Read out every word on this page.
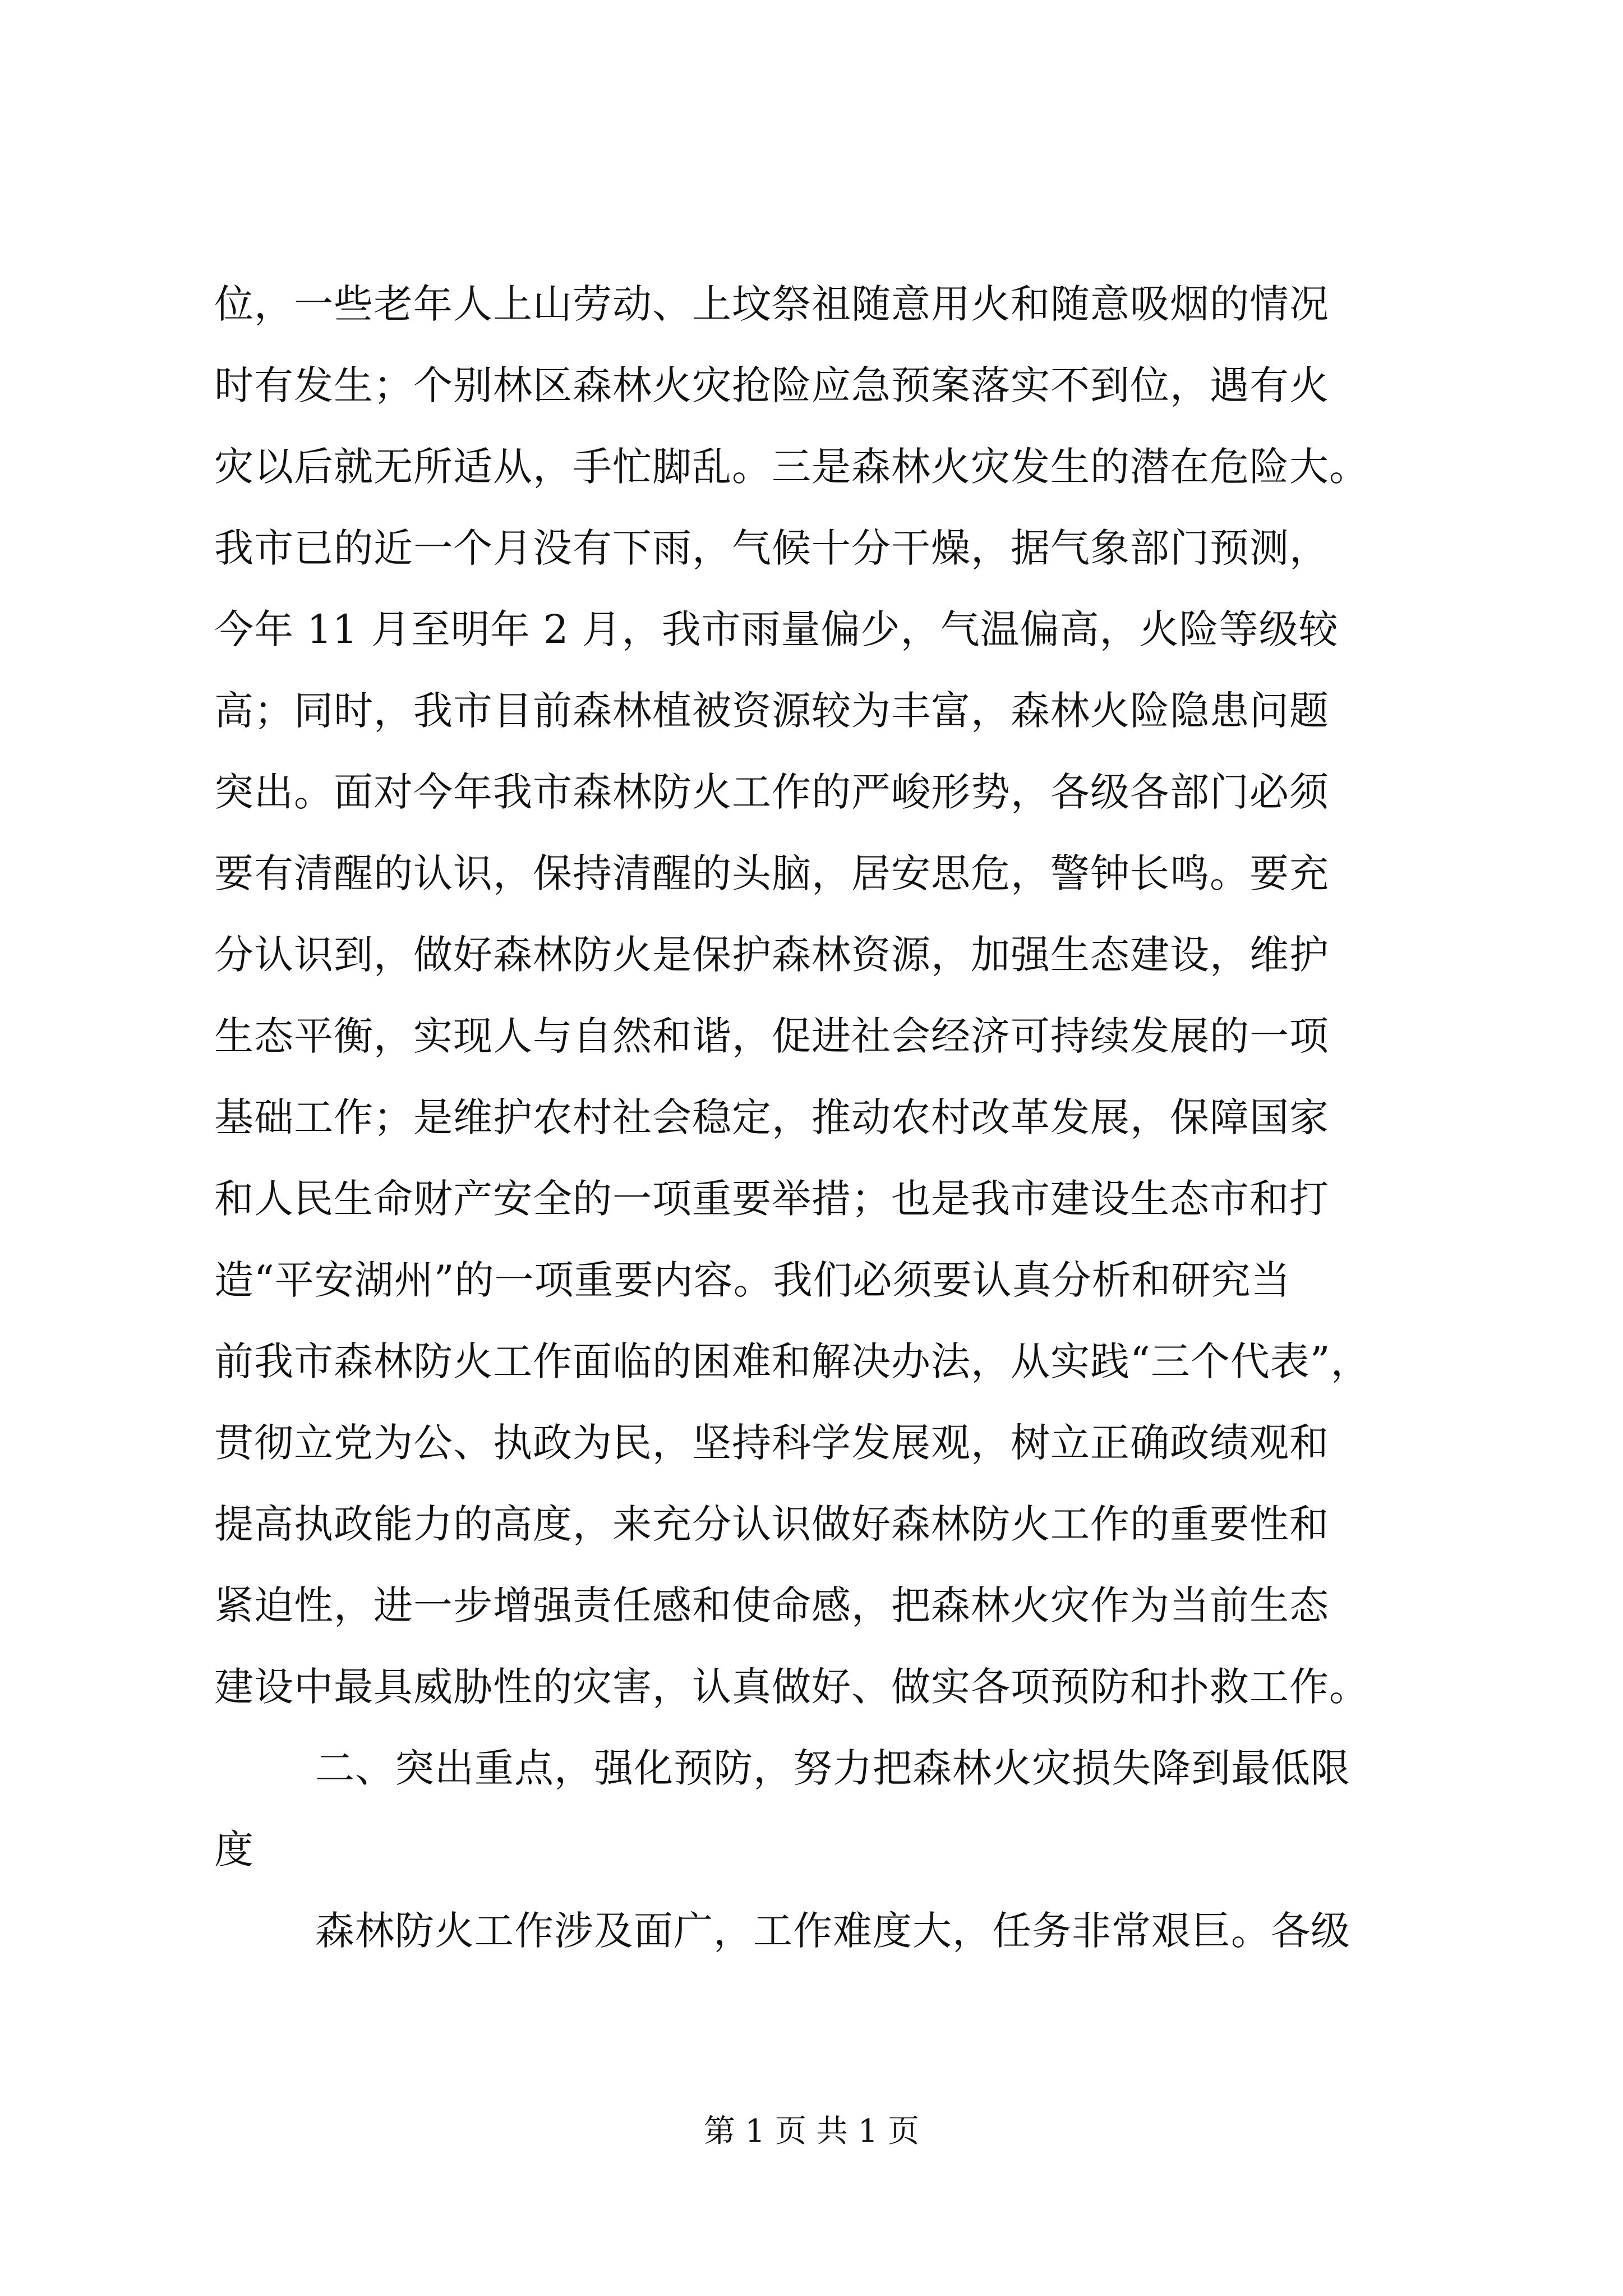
位，一些老年人上山劳动、上坟祭祖随意用火和随意吸烟的情况
时有发生；个别林区森林火灾抢险应急预案落实不到位，遇有火
灾以后就无所适从，手忙脚乱。三是森林火灾发生的潜在危险大。
我市已的近一个月没有下雨，气候十分干燥，据气象部门预测，
今年 11 月至明年 2 月，我市雨量偏少，气温偏高，火险等级较
高；同时，我市目前森林植被资源较为丰富，森林火险隐患问题
突出。面对今年我市森林防火工作的严峻形势，各级各部门必须
要有清醒的认识，保持清醒的头脑，居安思危，警钟长鸣。要充
分认识到，做好森林防火是保护森林资源，加强生态建设，维护
生态平衡，实现人与自然和谐，促进社会经济可持续发展的一项
基础工作；是维护农村社会稳定，推动农村改革发展，保障国家
和人民生命财产安全的一项重要举措；也是我市建设生态市和打
造“平安湖州”的一项重要内容。我们必须要认真分析和研究当
前我市森林防火工作面临的困难和解决办法，从实践“三个代表”，
贯彻立党为公、执政为民，坚持科学发展观，树立正确政绩观和
提高执政能力的高度，来充分认识做好森林防火工作的重要性和
紧迫性，进一步增强责任感和使命感，把森林火灾作为当前生态
建设中最具威胁性的灾害，认真做好、做实各项预防和扑救工作。
二、突出重点，强化预防，努力把森林火灾损失降到最低限
度
森林防火工作涉及面广，工作难度大，任务非常艰巨。各级
第 1 页 共 1 页
